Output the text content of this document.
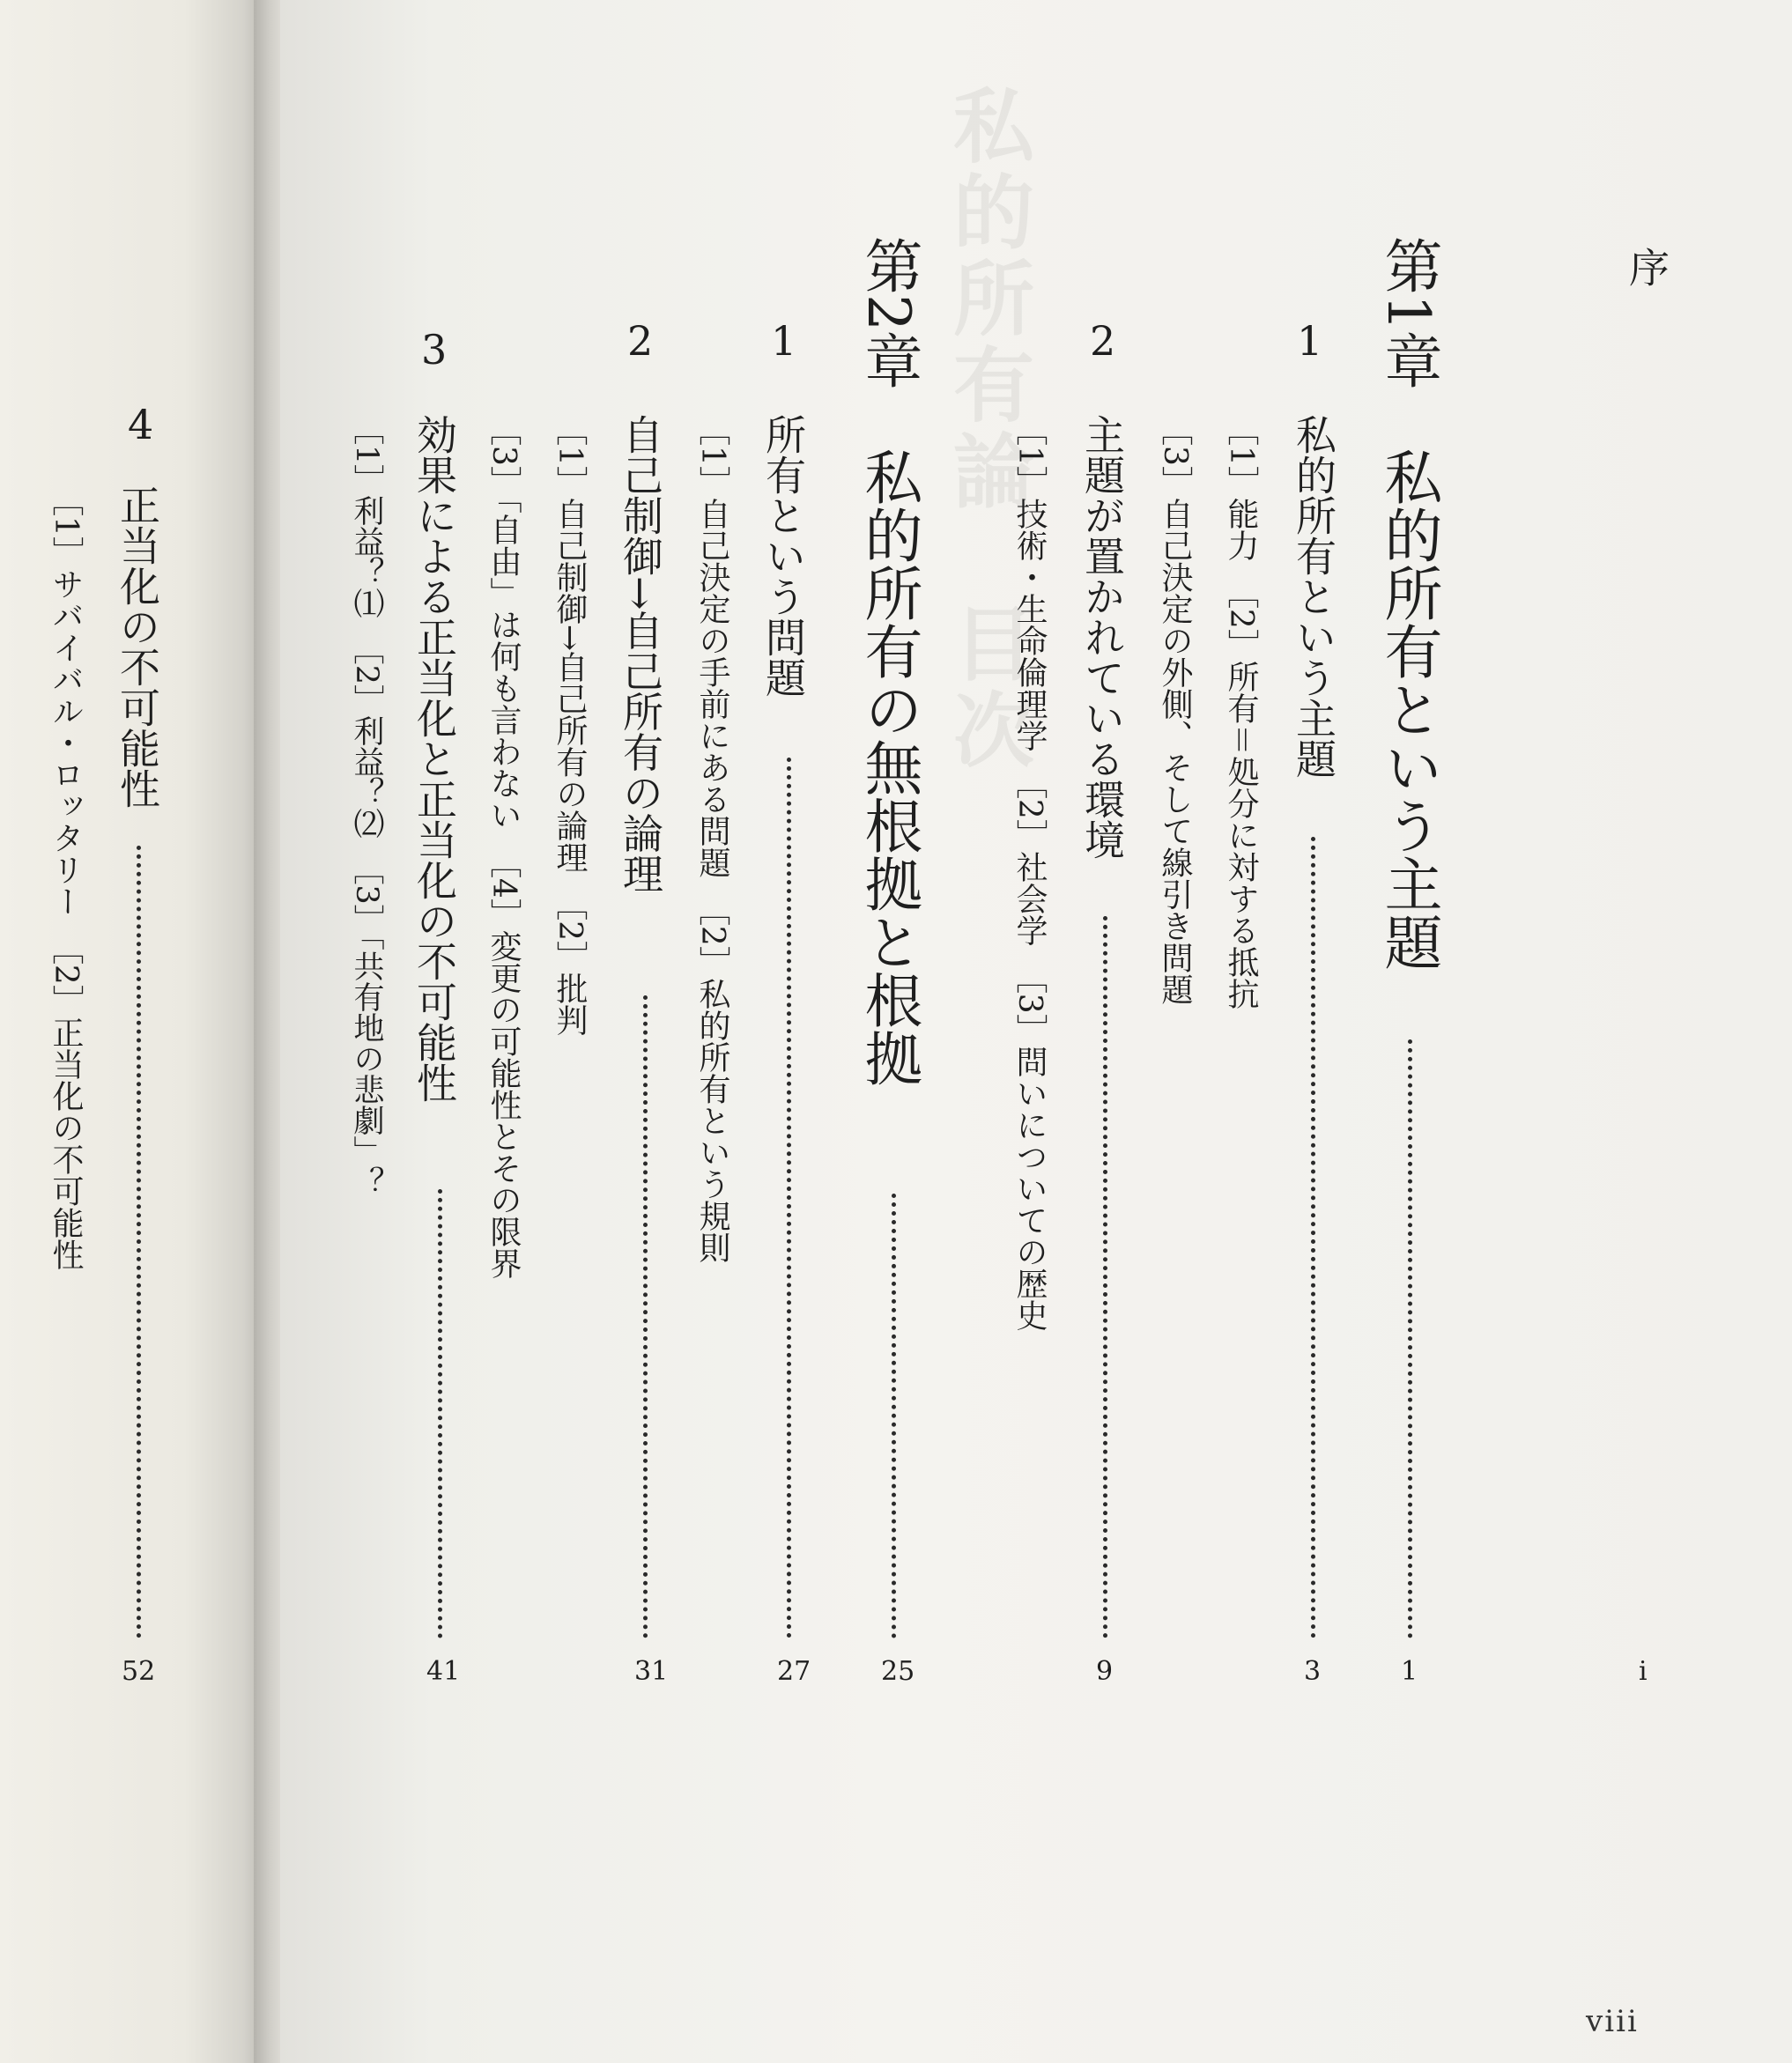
私的所有論　目次	序
i
第1章　私的所有という主題
1
1
私的所有という主題
3
［1］能力　［2］所有＝処分に対する抵抗
［3］自己決定の外側、そして線引き問題
2
主題が置かれている環境
9
［1］技術・生命倫理学　［2］社会学　［3］問いについての歴史
第2章　私的所有の無根拠と根拠
25
1
所有という問題
27
［1］自己決定の手前にある問題　［2］私的所有という規則
2
自己制御→自己所有の論理
31
［1］自己制御→自己所有の論理　［2］批判
［3］「自由」は何も言わない　［4］変更の可能性とその限界
3
効果による正当化と正当化の不可能性
41
［1］利益？⑴　［2］利益？⑵　［3］「共有地の悲劇」？
4
正当化の不可能性
52
［1］サバイバル・ロッタリー　［2］正当化の不可能性
viii
